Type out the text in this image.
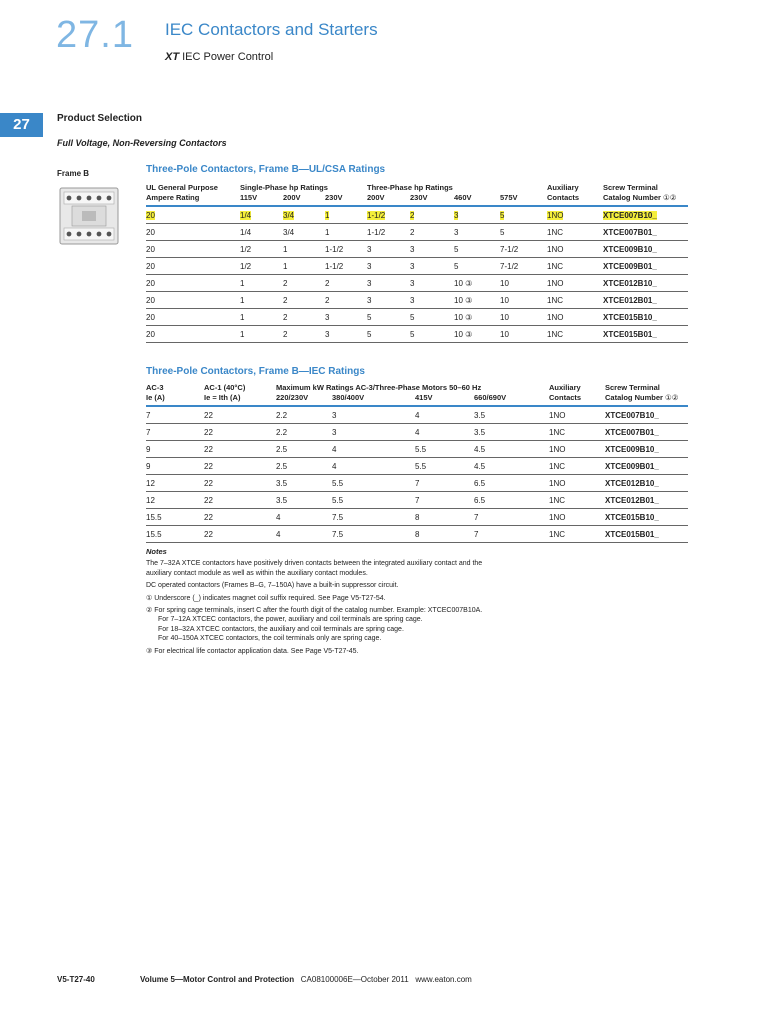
27.1 IEC Contactors and Starters
XT IEC Power Control
27	Product Selection
Full Voltage, Non-Reversing Contactors
Frame B	Three-Pole Contactors, Frame B—UL/CSA Ratings
UL General Purpose	Single-Phase hp Ratings			Three-Phase hp Ratings				Auxiliary	Screw Terminal
Ampere Rating	115V	200V	230V	200V	230V	460V	575V	Contacts	Catalog Number ①②
20	1/4	3/4	1	1-1/2	2	3	5	1NO	XTCE007B10_
20	1/4	3/4	1	1-1/2	2	3	5	1NC	XTCE007B01_
20	1/2	1	1-1/2	3	3	5	7-1/2	1NO	XTCE009B10_
20	1/2	1	1-1/2	3	3	5	7-1/2	1NC	XTCE009B01_
20	1	2	2	3	3	10 ③	10	1NO	XTCE012B10_
20	1	2	2	3	3	10 ③	10	1NC	XTCE012B01_
20	1	2	3	5	5	10 ③	10	1NO	XTCE015B10_
20	1	2	3	5	5	10 ③	10	1NC	XTCE015B01_
Three-Pole Contactors, Frame B—IEC Ratings
AC-3	AC-1 (40°C)	Maximum kW Ratings AC-3/Three-Phase Motors 50–60 Hz				Auxiliary	Screw Terminal
Ie (A)	Ie = Ith (A)	220/230V	380/400V	415V	660/690V	Contacts	Catalog Number ①②
7	22	2.2	3	4	3.5	1NO	XTCE007B10_
7	22	2.2	3	4	3.5	1NC	XTCE007B01_
9	22	2.5	4	5.5	4.5	1NO	XTCE009B10_
9	22	2.5	4	5.5	4.5	1NC	XTCE009B01_
12	22	3.5	5.5	7	6.5	1NO	XTCE012B10_
12	22	3.5	5.5	7	6.5	1NC	XTCE012B01_
15.5	22	4	7.5	8	7	1NO	XTCE015B10_
15.5	22	4	7.5	8	7	1NC	XTCE015B01_
Notes

The 7–32A XTCE contactors have positively driven contacts between the integrated auxiliary contact and the auxiliary contact module as well as within the auxiliary contact modules.

DC operated contactors (Frames B–G, 7–150A) have a built-in suppressor circuit.

① Underscore (_) indicates magnet coil suffix required. See Page V5-T27-54.

② For spring cage terminals, insert C after the fourth digit of the catalog number. Example: XTCEC007B10A.

For 7–12A XTCEC contactors, the power, auxiliary and coil terminals are spring cage.

For 18–32A XTCEC contactors, the auxiliary and coil terminals are spring cage.

For 40–150A XTCEC contactors, the coil terminals only are spring cage.

③ For electrical life contactor application data. See Page V5-T27-45.

V5-T27-40	Volume 5—Motor Control and Protection CA08100006E—October 2011 www.eaton.com
